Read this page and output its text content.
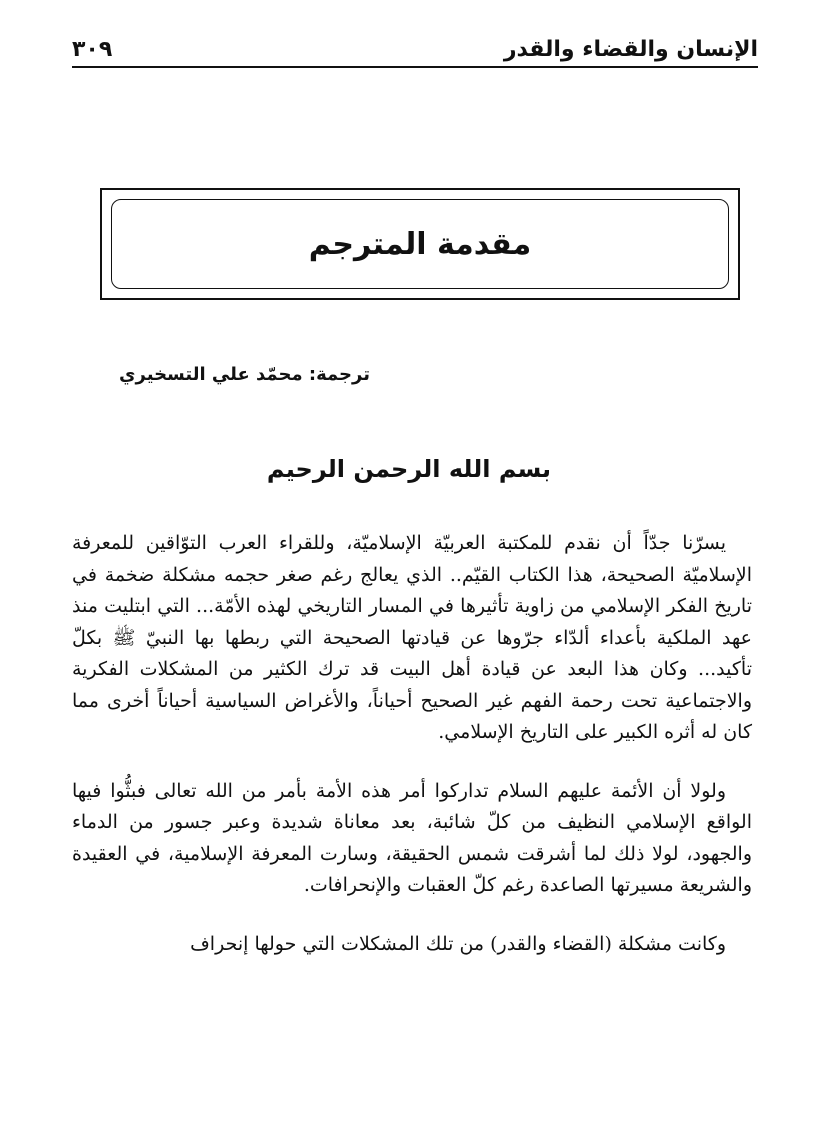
الإنسان والقضاء والقدر
٣٠٩
مقدمة المترجم
ترجمة: محمّد علي التسخيري
بسم الله الرحمن الرحيم

يسرّنا جدّاً أن نقدم للمكتبة العربيّة الإسلاميّة، وللقراء العرب التوّاقين للمعرفة الإسلاميّة الصحيحة، هذا الكتاب القيّم.. الذي يعالج رغم صغر حجمه مشكلة ضخمة في تاريخ الفكر الإسلامي من زاوية تأثيرها في المسار التاريخي لهذه الأمّة... التي ابتليت منذ عهد الملكية بأعداء ألدّاء جرّوها عن قيادتها الصحيحة التي ربطها بها النبيّ ﷺ بكلّ تأكيد... وكان هذا البعد عن قيادة أهل البيت قد ترك الكثير من المشكلات الفكرية والاجتماعية تحت رحمة الفهم غير الصحيح أحياناً، والأغراض السياسية أحياناً أخرى مما كان له أثره الكبير على التاريخ الإسلامي.

ولولا أن الأئمة عليهم السلام تداركوا أمر هذه الأمة بأمر من الله تعالى فبثُّوا فيها الواقع الإسلامي النظيف من كلّ شائبة، بعد معاناة شديدة وعبر جسور من الدماء والجهود، لولا ذلك لما أشرقت شمس الحقيقة، وسارت المعرفة الإسلامية، في العقيدة والشريعة مسيرتها الصاعدة رغم كلّ العقبات والإنحرافات.

وكانت مشكلة (القضاء والقدر) من تلك المشكلات التي حولها إنحراف
